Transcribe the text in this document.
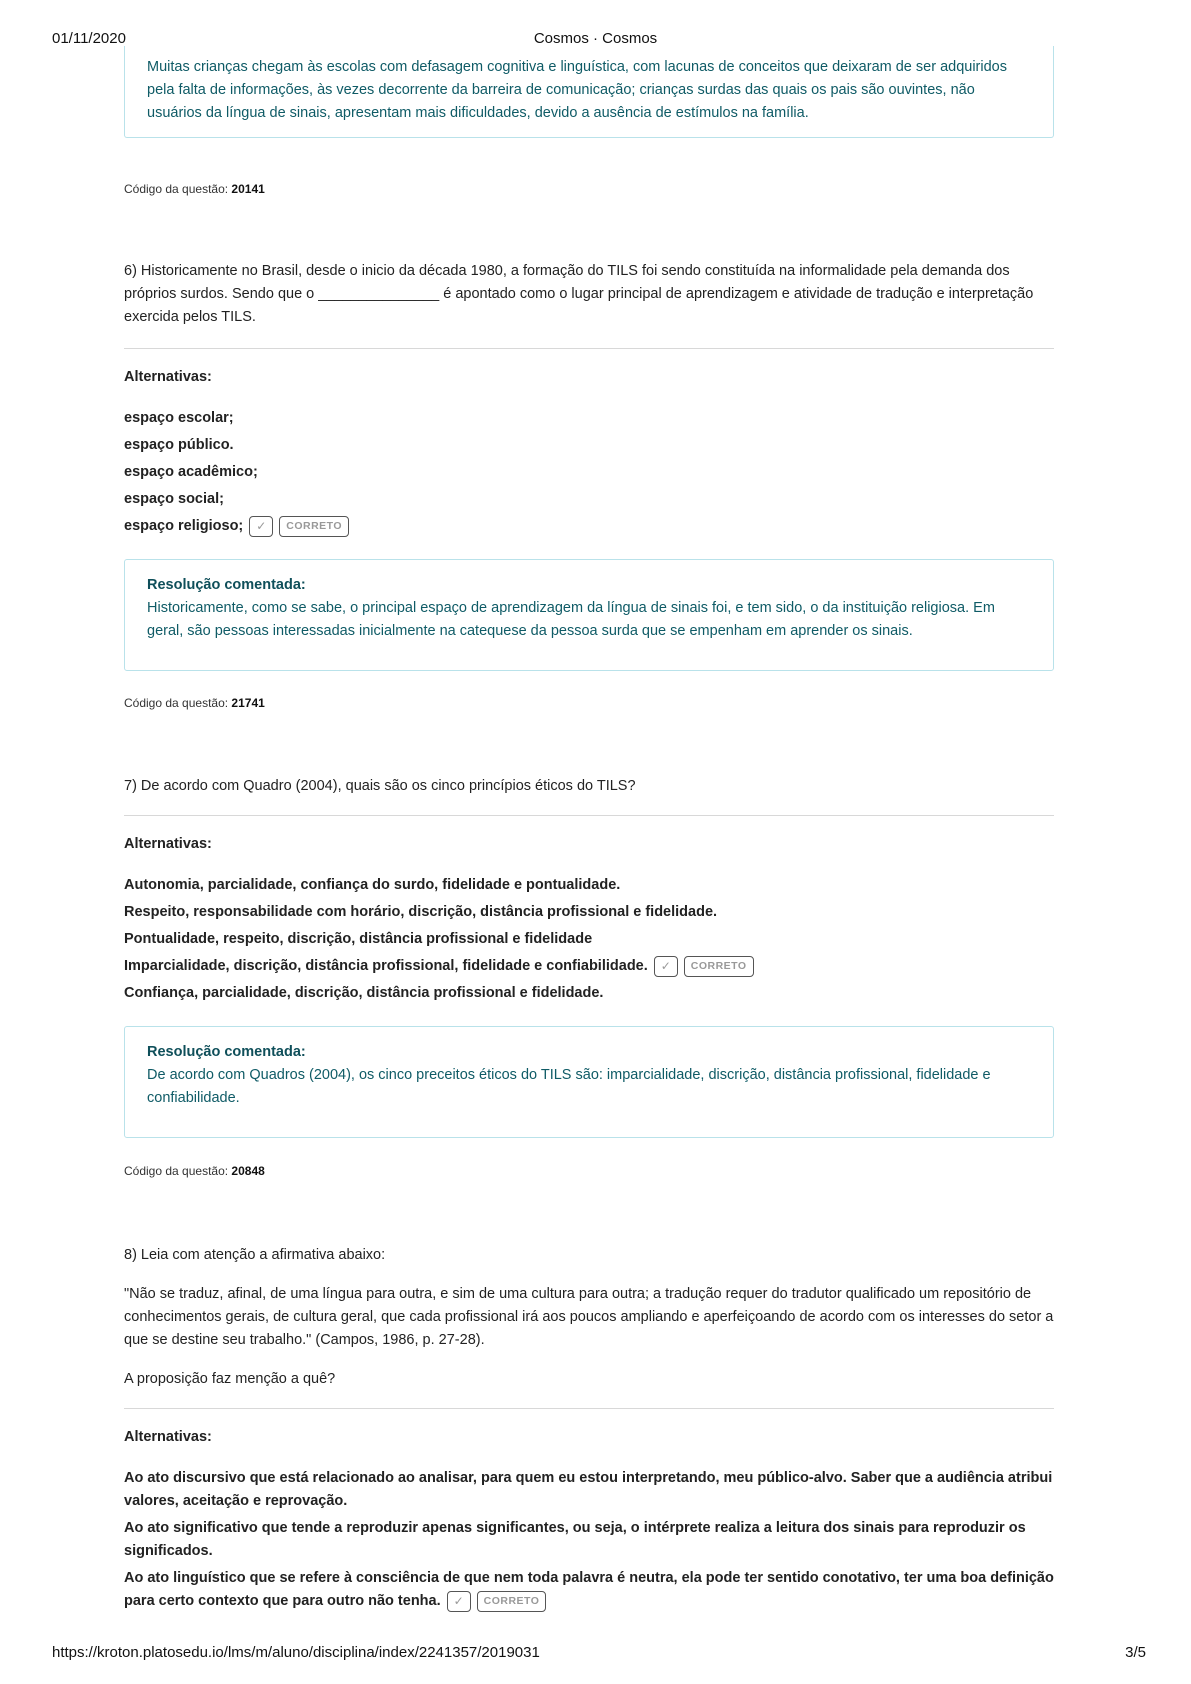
01/11/2020	Cosmos · Cosmos
Muitas crianças chegam às escolas com defasagem cognitiva e linguística, com lacunas de conceitos que deixaram de ser adquiridos pela falta de informações, às vezes decorrente da barreira de comunicação; crianças surdas das quais os pais são ouvintes, não usuários da língua de sinais, apresentam mais dificuldades, devido a ausência de estímulos na família.
Código da questão: 20141
6) Historicamente no Brasil, desde o inicio da década 1980, a formação do TILS foi sendo constituída na informalidade pela demanda dos próprios surdos. Sendo que o _______________ é apontado como o lugar principal de aprendizagem e atividade de tradução e interpretação exercida pelos TILS.
Alternativas:
espaço escolar;
espaço público.
espaço acadêmico;
espaço social;
espaço religioso; ✓ CORRETO
Resolução comentada:
Historicamente, como se sabe, o principal espaço de aprendizagem da língua de sinais foi, e tem sido, o da instituição religiosa. Em geral, são pessoas interessadas inicialmente na catequese da pessoa surda que se empenham em aprender os sinais.
Código da questão: 21741
7) De acordo com Quadro (2004), quais são os cinco princípios éticos do TILS?
Alternativas:
Autonomia, parcialidade, confiança do surdo, fidelidade e pontualidade.
Respeito, responsabilidade com horário, discrição, distância profissional e fidelidade.
Pontualidade, respeito, discrição, distância profissional e fidelidade
Imparcialidade, discrição, distância profissional, fidelidade e confiabilidade. ✓ CORRETO
Confiança, parcialidade, discrição, distância profissional e fidelidade.
Resolução comentada:
De acordo com Quadros (2004), os cinco preceitos éticos do TILS são: imparcialidade, discrição, distância profissional, fidelidade e confiabilidade.
Código da questão: 20848
8) Leia com atenção a afirmativa abaixo:
"Não se traduz, afinal, de uma língua para outra, e sim de uma cultura para outra; a tradução requer do tradutor qualificado um repositório de conhecimentos gerais, de cultura geral, que cada profissional irá aos poucos ampliando e aperfeiçoando de acordo com os interesses do setor a que se destine seu trabalho." (Campos, 1986, p. 27-28).
A proposição faz menção a quê?
Alternativas:
Ao ato discursivo que está relacionado ao analisar, para quem eu estou interpretando, meu público-alvo. Saber que a audiência atribui valores, aceitação e reprovação.
Ao ato significativo que tende a reproduzir apenas significantes, ou seja, o intérprete realiza a leitura dos sinais para reproduzir os significados.
Ao ato linguístico que se refere à consciência de que nem toda palavra é neutra, ela pode ter sentido conotativo, ter uma boa definição para certo contexto que para outro não tenha. ✓ CORRETO
https://kroton.platosedu.io/lms/m/aluno/disciplina/index/2241357/2019031	3/5
